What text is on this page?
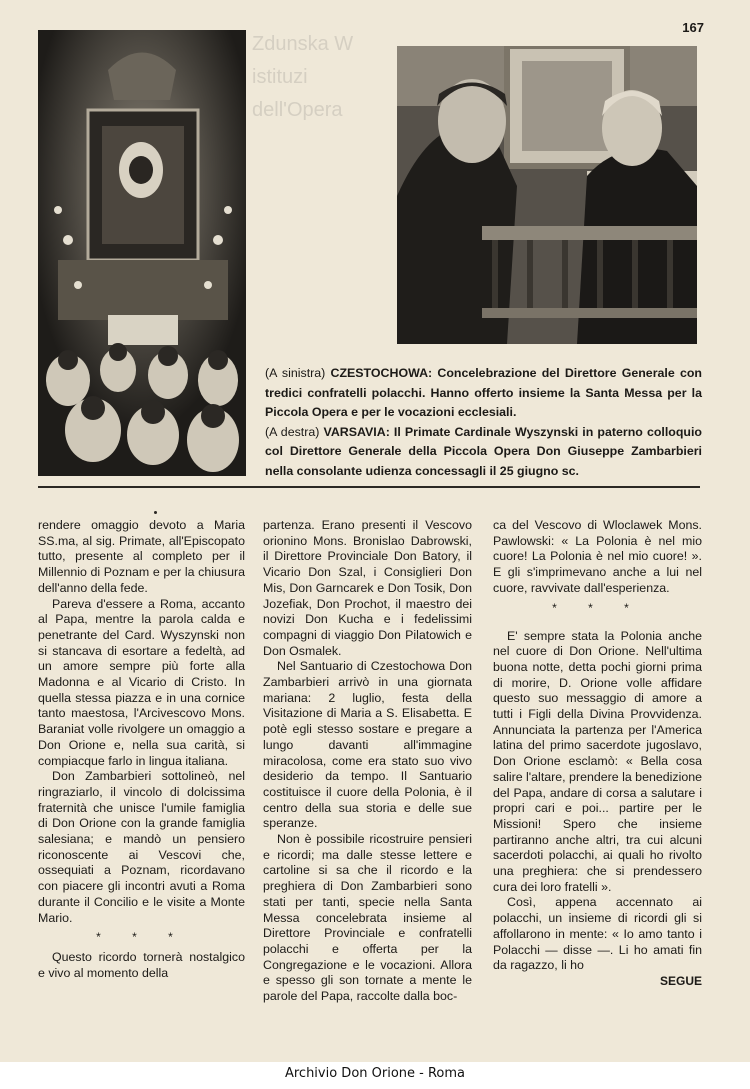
167
Zdunska W
istituzi
dell'Opera
(A sinistra) CZESTOCHOWA: Concelebrazione del Direttore Generale con tredici confratelli polacchi. Hanno offerto insieme la Santa Messa per la Piccola Opera e per le vocazioni ecclesiali.
(A destra) VARSAVIA: Il Primate Cardinale Wyszynski in paterno colloquio col Direttore Generale della Piccola Opera Don Giuseppe Zambarbieri nella consolante udienza concessagli il 25 giugno sc.

rendere omaggio devoto a Maria SS.ma, al sig. Primate, all'Episcopato tutto, presente al completo per il Millennio di Poznam e per la chiusura dell'anno della fede.

Pareva d'essere a Roma, accanto al Papa, mentre la parola calda e penetrante del Card. Wyszynski non si stancava di esortare a fedeltà, ad un amore sempre più forte alla Madonna e al Vicario di Cristo. In quella stessa piazza e in una cornice tanto maestosa, l'Arcivescovo Mons. Baraniat volle rivolgere un omaggio a Don Orione e, nella sua carità, si compiacque farlo in lingua italiana.

Don Zambarbieri sottolineò, nel ringraziarlo, il vincolo di dolcissima fraternità che unisce l'umile famiglia di Don Orione con la grande famiglia salesiana; e mandò un pensiero riconoscente ai Vescovi che, ossequiati a Poznam, ricordavano con piacere gli incontri avuti a Roma durante il Concilio e le visite a Monte Mario.

* * *

Questo ricordo tornerà nostalgico e vivo al momento della

partenza. Erano presenti il Vescovo orionino Mons. Bronislao Dabrowski, il Direttore Provinciale Don Batory, il Vicario Don Szal, i Consiglieri Don Mis, Don Garncarek e Don Tosik, Don Jozefiak, Don Prochot, il maestro dei novizi Don Kucha e i fedelissimi compagni di viaggio Don Pilatowich e Don Osmalek.

Nel Santuario di Czestochowa Don Zambarbieri arrivò in una giornata mariana: 2 luglio, festa della Visitazione di Maria a S. Elisabetta. E potè egli stesso sostare e pregare a lungo davanti all'immagine miracolosa, come era stato suo vivo desiderio da tempo. Il Santuario costituisce il cuore della Polonia, è il centro della sua storia e delle sue speranze.

Non è possibile ricostruire pensieri e ricordi; ma dalle stesse lettere e cartoline si sa che il ricordo e la preghiera di Don Zambarbieri sono stati per tanti, specie nella Santa Messa concelebrata insieme al Direttore Provinciale e confratelli polacchi e offerta per la Congregazione e le vocazioni. Allora e spesso gli son tornate a mente le parole del Papa, raccolte dalla boc-

ca del Vescovo di Wloclawek Mons. Pawlowski: « La Polonia è nel mio cuore! La Polonia è nel mio cuore! ». E gli s'imprimevano anche a lui nel cuore, ravvivate dall'esperienza.

* * *

E' sempre stata la Polonia anche nel cuore di Don Orione. Nell'ultima buona notte, detta pochi giorni prima di morire, D. Orione volle affidare questo suo messaggio di amore a tutti i Figli della Divina Provvidenza. Annunciata la partenza per l'America latina del primo sacerdote jugoslavo, Don Orione esclamò: « Bella cosa salire l'altare, prendere la benedizione del Papa, andare di corsa a salutare i propri cari e poi... partire per le Missioni! Spero che insieme partiranno anche altri, tra cui alcuni sacerdoti polacchi, ai quali ho rivolto una preghiera: che si prendessero cura dei loro fratelli ».

Così, appena accennato ai polacchi, un insieme di ricordi gli si affollarono in mente: « Io amo tanto i Polacchi — disse —. Li ho amati fin da ragazzo, li ho

SEGUE
Archivio Don Orione - Roma
